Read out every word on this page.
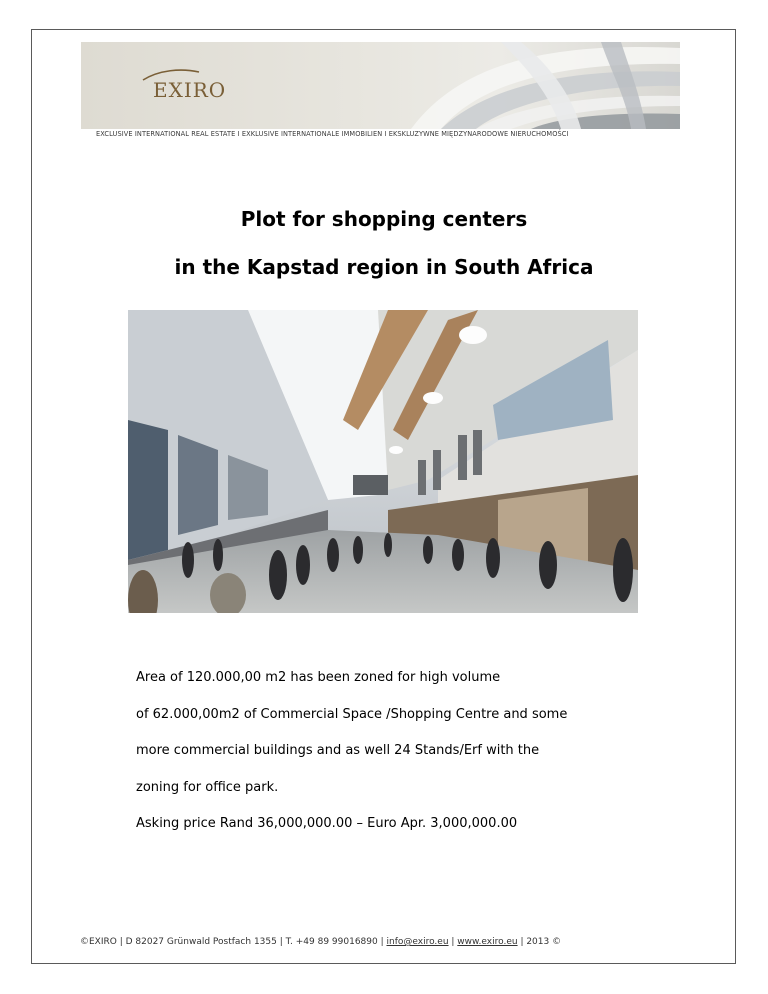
EXIRO
EXCLUSIVE INTERNATIONAL REAL ESTATE I EXKLUSIVE INTERNATIONALE IMMOBILIEN I EKSKLUZYWNE MIĘDZYNARODOWE NIERUCHOMOŚCI
Plot for shopping centers
in the Kapstad region in South Africa
Area of 120.000,00 m2 has been zoned for high volume
of 62.000,00m2 of Commercial Space /Shopping Centre and some
more commercial buildings and as well 24 Stands/Erf with the
zoning for office park.
Asking price Rand 36,000,000.00 – Euro Apr. 3,000,000.00
©EXIRO | D 82027 Grünwald Postfach 1355 | T. +49 89 99016890 | info@exiro.eu | www.exiro.eu | 2013 ©
